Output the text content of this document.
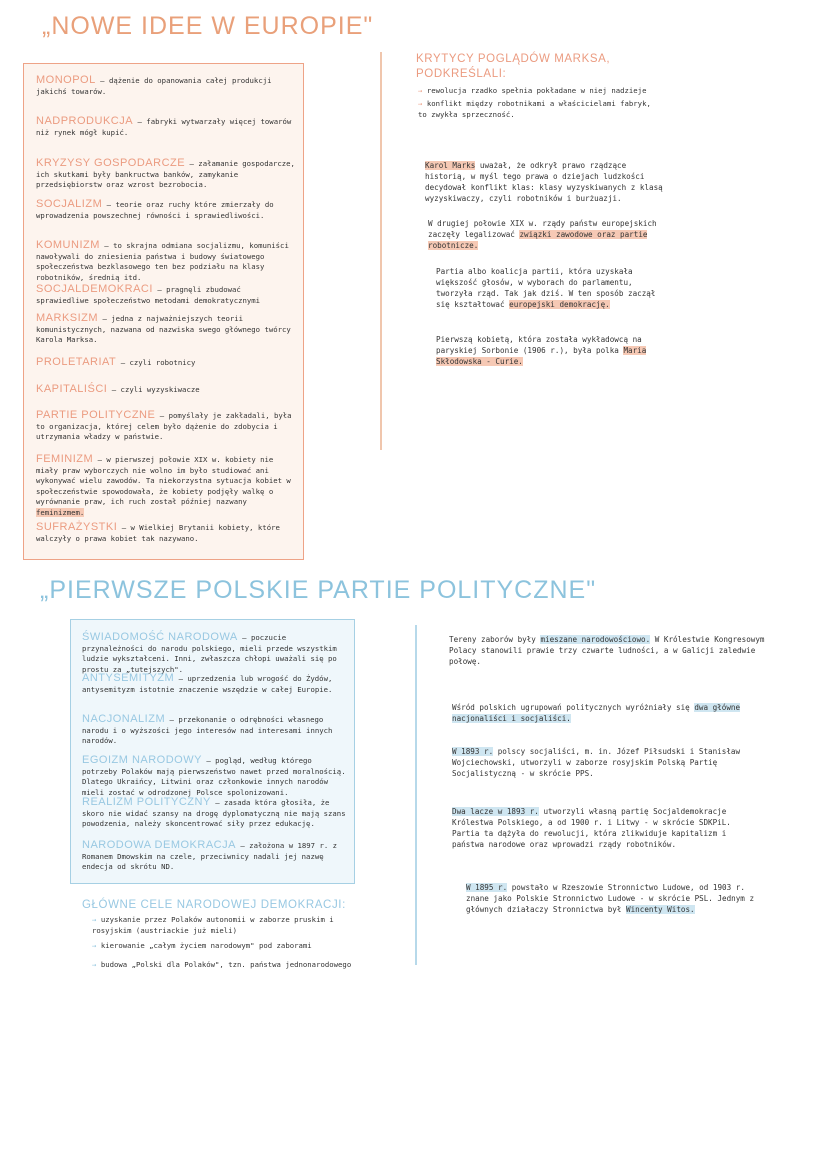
„NOWE IDEE W EUROPIE"
MONOPOL – dążenie do opanowania całej produkcji jakichś towarów.
NADPRODUKCJA – fabryki wytwarzały więcej towarów niż rynek mógł kupić.
KRYZYSY GOSPODARCZE – załamanie gospodarcze, ich skutkami były bankructwa banków, zamykanie przedsiębiorstw oraz wzrost bezrobocia.
SOCJALIZM – teorie oraz ruchy które zmierzały do wprowadzenia powszechnej równości i sprawiedliwości.
KOMUNIZM – to skrajna odmiana socjalizmu, komuniści nawoływali do zniesienia państwa i budowy światowego społeczeństwa bezklasowego ten bez podziału na klasy robotników, średnią itd.
SOCJALDEMOKRACI – pragnęli zbudować sprawiedliwe społeczeństwo metodami demokratycznymi
MARKSIZM – jedna z najważniejszych teorii komunistycznych, nazwana od nazwiska swego głównego twórcy Karola Marksa.
PROLETARIAT – czyli robotnicy
KAPITALIŚCI – czyli wyzyskiwacze
PARTIE POLITYCZNE – pomyślały je zakładali, była to organizacja, której celem było dążenie do zdobycia i utrzymania władzy w państwie.
FEMINIZM – w pierwszej połowie XIX w. kobiety nie miały praw wyborczych nie wolno im było studiować ani wykonywać wielu zawodów. Ta niekorzystna sytuacja kobiet w społeczeństwie spowodowała, że kobiety podjęły walkę o wyrównanie praw, ich ruch został później nazwany feminizmem.
SUFRAŻYSTKI – w Wielkiej Brytanii kobiety, które walczyły o prawa kobiet tak nazywano.
KRYTYCY POGLĄDÓW MARKSA, PODKREŚLALI:
→ rewolucja rzadko spełnia pokładane w niej nadzieje
→ konflikt między robotnikami a właścicielami fabryk, to zwykła sprzeczność.
Karol Marks uważał, że odkrył prawo rządzące historią, w myśl tego prawa o dziejach ludzkości decydował konflikt klas: klasy wyzyskiwanych z klasą wyzyskiwaczy, czyli robotników i burżuazji.
W drugiej połowie XIX w. rządy państw europejskich zaczęły legalizować związki zawodowe oraz partie robotnicze.
Partia albo koalicja partii, która uzyskała większość głosów, w wyborach do parlamentu, tworzyła rząd. Tak jak dziś. W ten sposób zaczął się kształtować europejski demokrację.
Pierwszą kobietą, która została wykładowcą na paryskiej Sorbonie (1906 r.), była polka Maria Skłodowska - Curie.
„PIERWSZE POLSKIE PARTIE POLITYCZNE"
ŚWIADOMOŚĆ NARODOWA – poczucie przynależności do narodu polskiego, mieli przede wszystkim ludzie wykształceni. Inni, zwłaszcza chłopi uważali się po prostu za „tutejszych".
ANTYSEMITYZM – uprzedzenia lub wrogość do Żydów, antysemityzm istotnie znaczenie wszędzie w całej Europie.
NACJONALIZM – przekonanie o odrębności własnego narodu i o wyższości jego interesów nad interesami innych narodów.
EGOIZM NARODOWY – pogląd, według którego potrzeby Polaków mają pierwszeństwo nawet przed moralnością. Dlatego Ukraińcy, Litwini oraz członkowie innych narodów mieli zostać w odrodzonej Polsce spolonizowani.
REALIZM POLITYCZNY – zasada która głosiła, że skoro nie widać szansy na drogę dyplomatyczną nie mają szans powodzenia, należy skoncentrować siły przez edukację.
NARODOWA DEMOKRACJA – założona w 1897 r. z Romanem Dmowskim na czele, przeciwnicy nadali jej nazwę endecja od skrótu ND.
GŁÓWNE CELE NARODOWEJ DEMOKRACJI:
→ uzyskanie przez Polaków autonomii w zaborze pruskim i rosyjskim (austriackie już mieli)
→ kierowanie „całym życiem narodowym" pod zaborami
→ budowa „Polski dla Polaków", tzn. państwa jednonarodowego
Tereny zaborów były mieszane narodowościowo. W Królestwie Kongresowym Polacy stanowili prawie trzy czwarte ludności, a w Galicji zaledwie połowę.
Wśród polskich ugrupowań politycznych wyróżniały się dwa główne nacjonaliści i socjaliści.
W 1893 r. polscy socjaliści, m. in. Józef Piłsudski i Stanisław Wojciechowski, utworzyli w zaborze rosyjskim Polską Partię Socjalistyczną - w skrócie PPS.
Dwa lacze w 1893 r. utworzyli własną partię Socjaldemokracje Królestwa Polskiego, a od 1900 r. i Litwy - w skrócie SDKPiL. Partia ta dążyła do rewolucji, która zlikwiduje kapitalizm i państwa narodowe oraz wprowadzi rządy robotników.
W 1895 r. powstało w Rzeszowie Stronnictwo Ludowe, od 1903 r. znane jako Polskie Stronnictwo Ludowe - w skrócie PSL. Jednym z głównych działaczy Stronnictwa był Wincenty Witos.
